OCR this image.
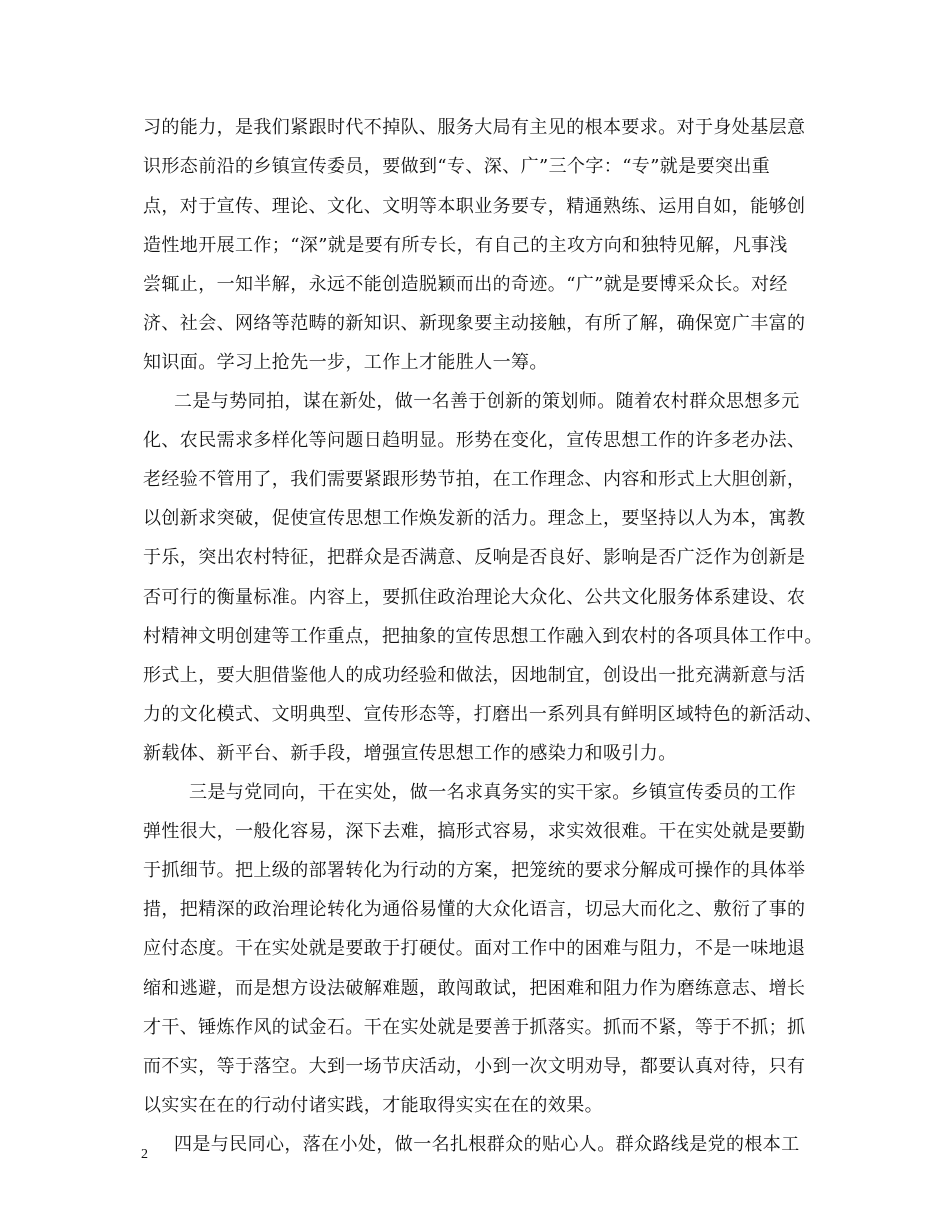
习的能力，是我们紧跟时代不掉队、服务大局有主见的根本要求。对于身处基层意
识形态前沿的乡镇宣传委员，要做到“专、深、广”三个字：“专”就是要突出重
点，对于宣传、理论、文化、文明等本职业务要专，精通熟练、运用自如，能够创
造性地开展工作；“深”就是要有所专长，有自己的主攻方向和独特见解，凡事浅
尝辄止，一知半解，永远不能创造脱颖而出的奇迹。“广”就是要博采众长。对经
济、社会、网络等范畴的新知识、新现象要主动接触，有所了解，确保宽广丰富的
知识面。学习上抢先一步，工作上才能胜人一筹。
二是与势同拍，谋在新处，做一名善于创新的策划师。随着农村群众思想多元
化、农民需求多样化等问题日趋明显。形势在变化，宣传思想工作的许多老办法、
老经验不管用了，我们需要紧跟形势节拍，在工作理念、内容和形式上大胆创新，
以创新求突破，促使宣传思想工作焕发新的活力。理念上，要坚持以人为本，寓教
于乐，突出农村特征，把群众是否满意、反响是否良好、影响是否广泛作为创新是
否可行的衡量标准。内容上，要抓住政治理论大众化、公共文化服务体系建设、农
村精神文明创建等工作重点，把抽象的宣传思想工作融入到农村的各项具体工作中。
形式上，要大胆借鉴他人的成功经验和做法，因地制宜，创设出一批充满新意与活
力的文化模式、文明典型、宣传形态等，打磨出一系列具有鲜明区域特色的新活动、
新载体、新平台、新手段，增强宣传思想工作的感染力和吸引力。
三是与党同向，干在实处，做一名求真务实的实干家。乡镇宣传委员的工作
弹性很大，一般化容易，深下去难，搞形式容易，求实效很难。干在实处就是要勤
于抓细节。把上级的部署转化为行动的方案，把笼统的要求分解成可操作的具体举
措，把精深的政治理论转化为通俗易懂的大众化语言，切忌大而化之、敷衍了事的
应付态度。干在实处就是要敢于打硬仗。面对工作中的困难与阻力，不是一味地退
缩和逃避，而是想方设法破解难题，敢闯敢试，把困难和阻力作为磨练意志、增长
才干、锤炼作风的试金石。干在实处就是要善于抓落实。抓而不紧，等于不抓；抓
而不实，等于落空。大到一场节庆活动，小到一次文明劝导，都要认真对待，只有
以实实在在的行动付诸实践，才能取得实实在在的效果。
四是与民同心，落在小处，做一名扎根群众的贴心人。群众路线是党的根本工
2
